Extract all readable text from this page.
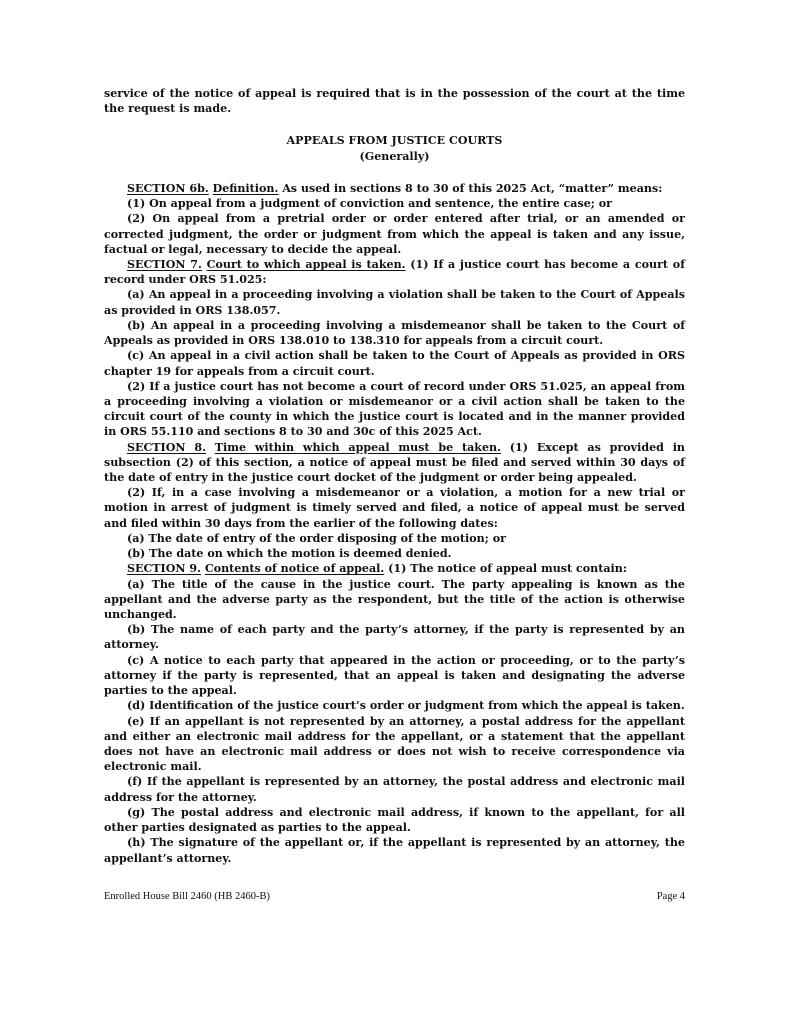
service of the notice of appeal is required that is in the possession of the court at the time the request is made.

APPEALS FROM JUSTICE COURTS

(Generally)

SECTION 6b. Definition. As used in sections 8 to 30 of this 2025 Act, “matter” means:

(1) On appeal from a judgment of conviction and sentence, the entire case; or

(2) On appeal from a pretrial order or order entered after trial, or an amended or corrected judgment, the order or judgment from which the appeal is taken and any issue, factual or legal, necessary to decide the appeal.

SECTION 7. Court to which appeal is taken. (1) If a justice court has become a court of record under ORS 51.025:

(a) An appeal in a proceeding involving a violation shall be taken to the Court of Appeals as provided in ORS 138.057.

(b) An appeal in a proceeding involving a misdemeanor shall be taken to the Court of Appeals as provided in ORS 138.010 to 138.310 for appeals from a circuit court.

(c) An appeal in a civil action shall be taken to the Court of Appeals as provided in ORS chapter 19 for appeals from a circuit court.

(2) If a justice court has not become a court of record under ORS 51.025, an appeal from a proceeding involving a violation or misdemeanor or a civil action shall be taken to the circuit court of the county in which the justice court is located and in the manner provided in ORS 55.110 and sections 8 to 30 and 30c of this 2025 Act.

SECTION 8. Time within which appeal must be taken. (1) Except as provided in subsection (2) of this section, a notice of appeal must be filed and served within 30 days of the date of entry in the justice court docket of the judgment or order being appealed.

(2) If, in a case involving a misdemeanor or a violation, a motion for a new trial or motion in arrest of judgment is timely served and filed, a notice of appeal must be served and filed within 30 days from the earlier of the following dates:

(a) The date of entry of the order disposing of the motion; or

(b) The date on which the motion is deemed denied.

SECTION 9. Contents of notice of appeal. (1) The notice of appeal must contain:

(a) The title of the cause in the justice court. The party appealing is known as the appellant and the adverse party as the respondent, but the title of the action is otherwise unchanged.

(b) The name of each party and the party’s attorney, if the party is represented by an attorney.

(c) A notice to each party that appeared in the action or proceeding, or to the party’s attorney if the party is represented, that an appeal is taken and designating the adverse parties to the appeal.

(d) Identification of the justice court’s order or judgment from which the appeal is taken.

(e) If an appellant is not represented by an attorney, a postal address for the appellant and either an electronic mail address for the appellant, or a statement that the appellant does not have an electronic mail address or does not wish to receive correspondence via electronic mail.

(f) If the appellant is represented by an attorney, the postal address and electronic mail address for the attorney.

(g) The postal address and electronic mail address, if known to the appellant, for all other parties designated as parties to the appeal.

(h) The signature of the appellant or, if the appellant is represented by an attorney, the appellant’s attorney.

Enrolled House Bill 2460 (HB 2460-B)	Page 4
